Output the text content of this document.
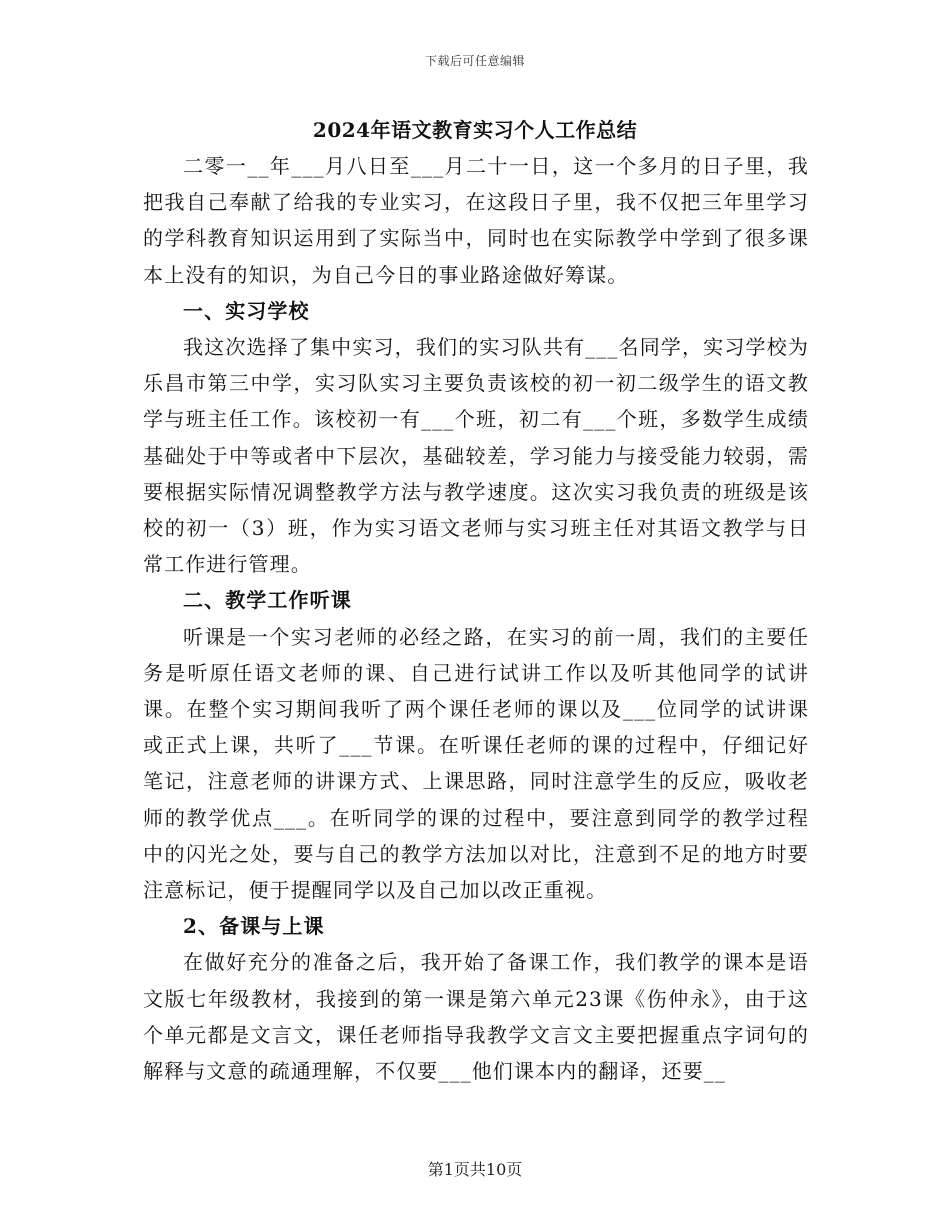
下载后可任意编辑
2024年语文教育实习个人工作总结

二零一__年___月八日至___月二十一日，这一个多月的日子里，我把我自己奉献了给我的专业实习，在这段日子里，我不仅把三年里学习的学科教育知识运用到了实际当中，同时也在实际教学中学到了很多课本上没有的知识，为自己今日的事业路途做好筹谋。

一、实习学校

我这次选择了集中实习，我们的实习队共有___名同学，实习学校为乐昌市第三中学，实习队实习主要负责该校的初一初二级学生的语文教学与班主任工作。该校初一有___个班，初二有___个班，多数学生成绩基础处于中等或者中下层次，基础较差，学习能力与接受能力较弱，需要根据实际情况调整教学方法与教学速度。这次实习我负责的班级是该校的初一（3）班，作为实习语文老师与实习班主任对其语文教学与日常工作进行管理。

二、教学工作听课

听课是一个实习老师的必经之路，在实习的前一周，我们的主要任务是听原任语文老师的课、自己进行试讲工作以及听其他同学的试讲课。在整个实习期间我听了两个课任老师的课以及___位同学的试讲课或正式上课，共听了___节课。在听课任老师的课的过程中，仔细记好笔记，注意老师的讲课方式、上课思路，同时注意学生的反应，吸收老师的教学优点___。在听同学的课的过程中，要注意到同学的教学过程中的闪光之处，要与自己的教学方法加以对比，注意到不足的地方时要注意标记，便于提醒同学以及自己加以改正重视。

2、备课与上课

在做好充分的准备之后，我开始了备课工作，我们教学的课本是语文版七年级教材，我接到的第一课是第六单元23课《伤仲永》，由于这个单元都是文言文，课任老师指导我教学文言文主要把握重点字词句的解释与文意的疏通理解，不仅要___他们课本内的翻译，还要__

第1页共10页
